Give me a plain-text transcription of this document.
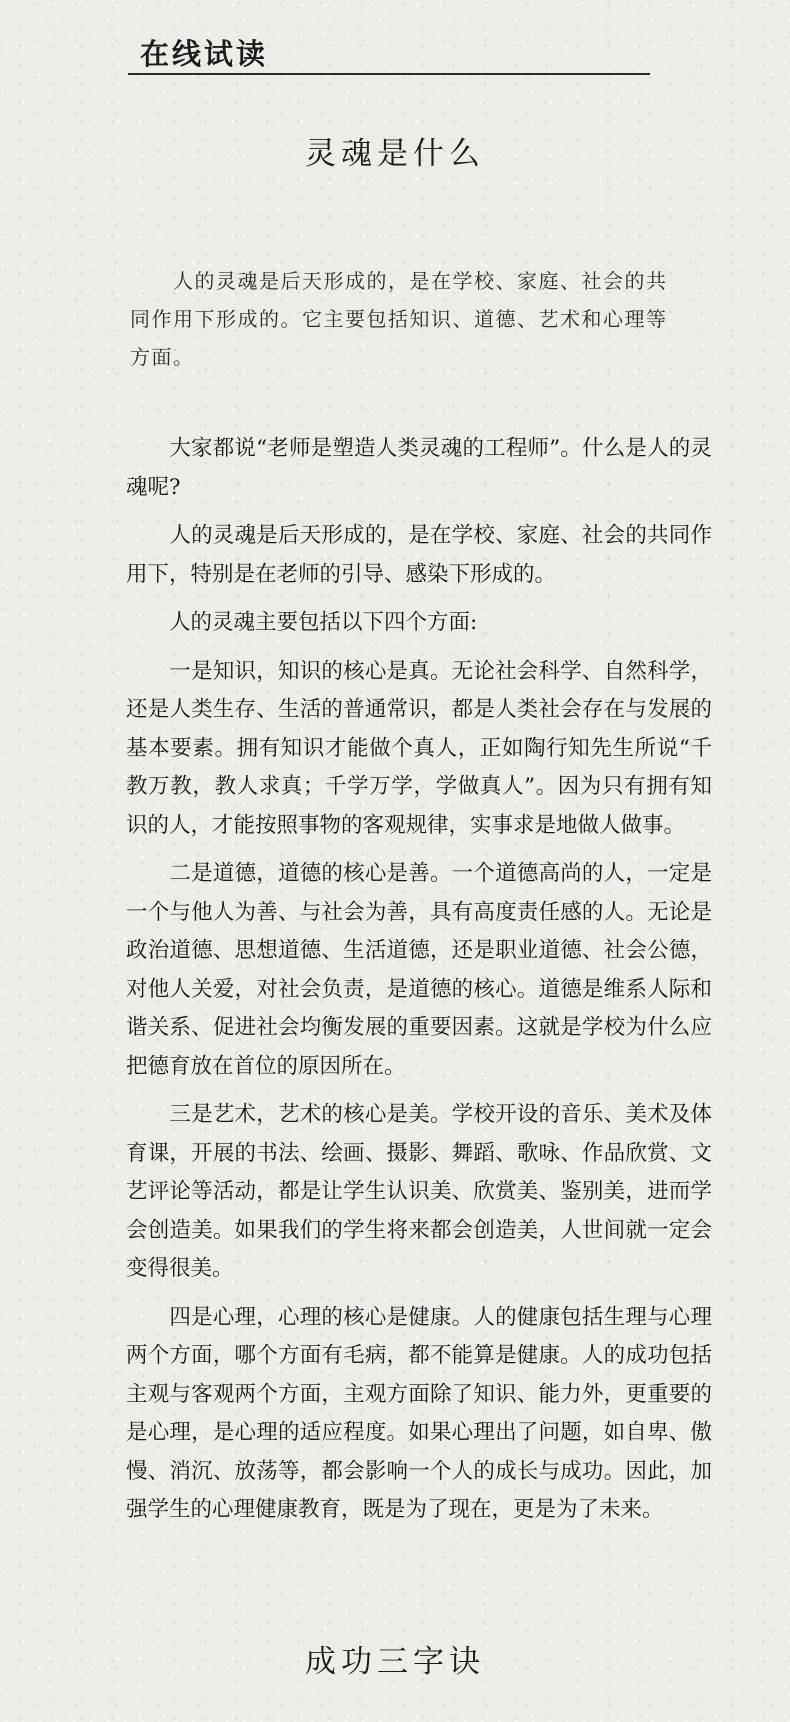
在线试读
灵魂是什么

　　人的灵魂是后天形成的，是在学校、家庭、社会的共同作用下形成的。它主要包括知识、道德、艺术和心理等方面。

　　大家都说“老师是塑造人类灵魂的工程师”。什么是人的灵魂呢?

　　人的灵魂是后天形成的，是在学校、家庭、社会的共同作用下，特别是在老师的引导、感染下形成的。

　　人的灵魂主要包括以下四个方面:

　　一是知识，知识的核心是真。无论社会科学、自然科学，还是人类生存、生活的普通常识，都是人类社会存在与发展的基本要素。拥有知识才能做个真人，正如陶行知先生所说“千教万教，教人求真；千学万学，学做真人”。因为只有拥有知识的人，才能按照事物的客观规律，实事求是地做人做事。

　　二是道德，道德的核心是善。一个道德高尚的人，一定是一个与他人为善、与社会为善，具有高度责任感的人。无论是政治道德、思想道德、生活道德，还是职业道德、社会公德，对他人关爱，对社会负责，是道德的核心。道德是维系人际和谐关系、促进社会均衡发展的重要因素。这就是学校为什么应把德育放在首位的原因所在。

　　三是艺术，艺术的核心是美。学校开设的音乐、美术及体育课，开展的书法、绘画、摄影、舞蹈、歌咏、作品欣赏、文艺评论等活动，都是让学生认识美、欣赏美、鉴别美，进而学会创造美。如果我们的学生将来都会创造美，人世间就一定会变得很美。

　　四是心理，心理的核心是健康。人的健康包括生理与心理两个方面，哪个方面有毛病，都不能算是健康。人的成功包括主观与客观两个方面，主观方面除了知识、能力外，更重要的是心理，是心理的适应程度。如果心理出了问题，如自卑、傲慢、消沉、放荡等，都会影响一个人的成长与成功。因此，加强学生的心理健康教育，既是为了现在，更是为了未来。

成功三字诀
